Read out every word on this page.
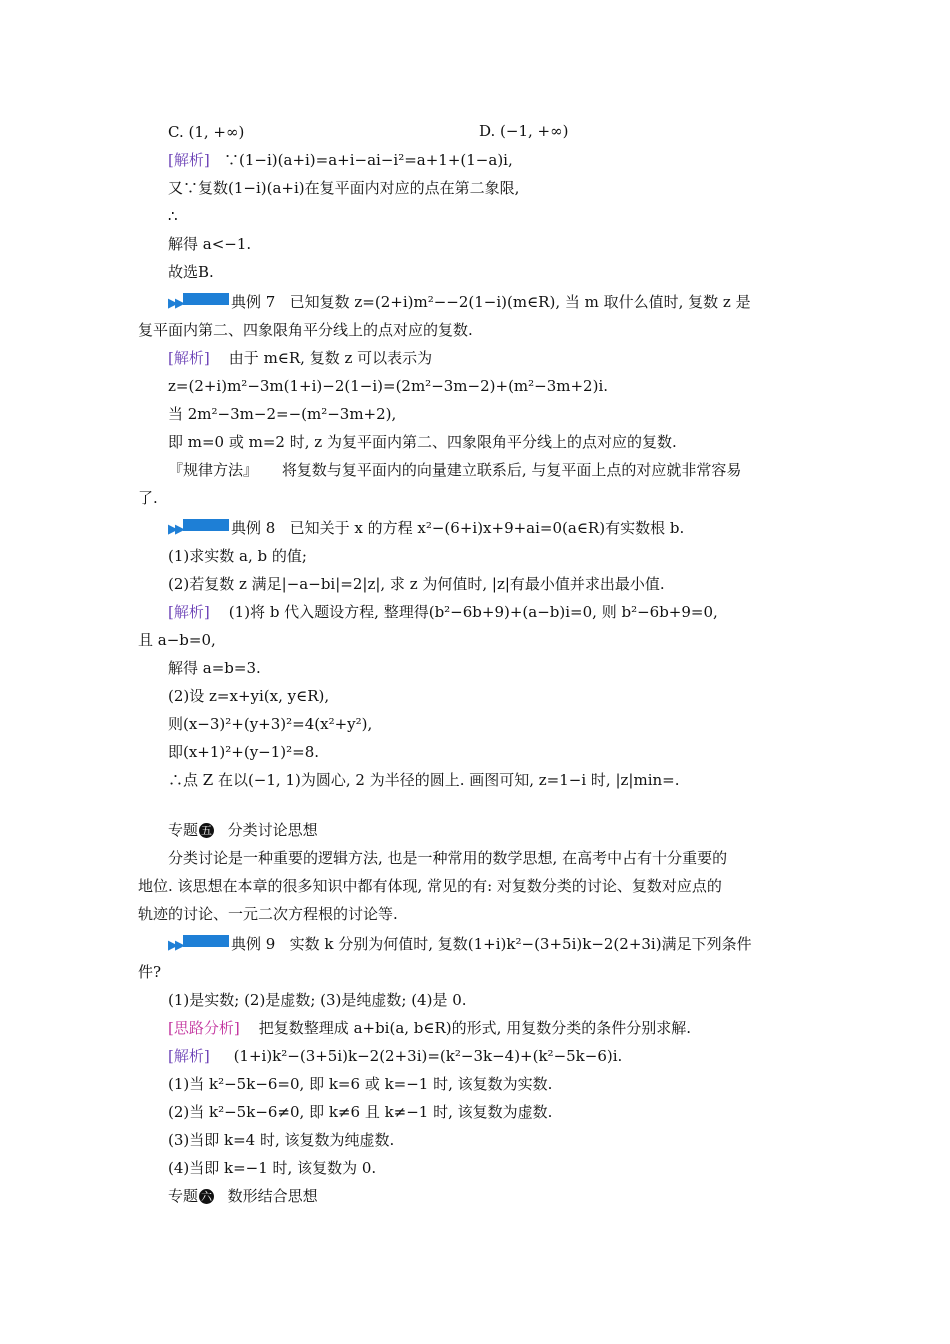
C. (1, +∞)	D. (−1, +∞)
[解析] ∵(1−i)(a+i)=a+i−ai−i²=a+1+(1−a)i,
又∵复数(1−i)(a+i)在复平面内对应的点在第二象限,
∴
解得 a<−1.
故选B.
▶▶	典例 7 已知复数 z=(2+i)m²−−2(1−i)(m∈R), 当 m 取什么值时, 复数 z 是
复平面内第二、四象限角平分线上的点对应的复数.
[解析] 由于 m∈R, 复数 z 可以表示为
z=(2+i)m²−3m(1+i)−2(1−i)=(2m²−3m−2)+(m²−3m+2)i.
当 2m²−3m−2=−(m²−3m+2),
即 m=0 或 m=2 时, z 为复平面内第二、四象限角平分线上的点对应的复数.
『规律方法』 将复数与复平面内的向量建立联系后, 与复平面上点的对应就非常容易
了.
▶▶	典例 8 已知关于 x 的方程 x²−(6+i)x+9+ai=0(a∈R)有实数根 b.
(1)求实数 a, b 的值;
(2)若复数 z 满足|−a−bi|=2|z|, 求 z 为何值时, |z|有最小值并求出最小值.
[解析] (1)将 b 代入题设方程, 整理得(b²−6b+9)+(a−b)i=0, 则 b²−6b+9=0,
且 a−b=0,
解得 a=b=3.
(2)设 z=x+yi(x, y∈R),
则(x−3)²+(y+3)²=4(x²+y²),
即(x+1)²+(y−1)²=8.
∴点 Z 在以(−1, 1)为圆心, 2 为半径的圆上. 画图可知, z=1−i 时, |z|min=.
专题 五 分类讨论思想
分类讨论是一种重要的逻辑方法, 也是一种常用的数学思想, 在高考中占有十分重要的
地位. 该思想在本章的很多知识中都有体现, 常见的有: 对复数分类的讨论、复数对应点的
轨迹的讨论、一元二次方程根的讨论等.
▶▶	典例 9 实数 k 分别为何值时, 复数(1+i)k²−(3+5i)k−2(2+3i)满足下列条件
件?
(1)是实数; (2)是虚数; (3)是纯虚数; (4)是 0.
[思路分析] 把复数整理成 a+bi(a, b∈R)的形式, 用复数分类的条件分别求解.
[解析] (1+i)k²−(3+5i)k−2(2+3i)=(k²−3k−4)+(k²−5k−6)i.
(1)当 k²−5k−6=0, 即 k=6 或 k=−1 时, 该复数为实数.
(2)当 k²−5k−6≠0, 即 k≠6 且 k≠−1 时, 该复数为虚数.
(3)当即 k=4 时, 该复数为纯虚数.
(4)当即 k=−1 时, 该复数为 0.
专题 六 数形结合思想
